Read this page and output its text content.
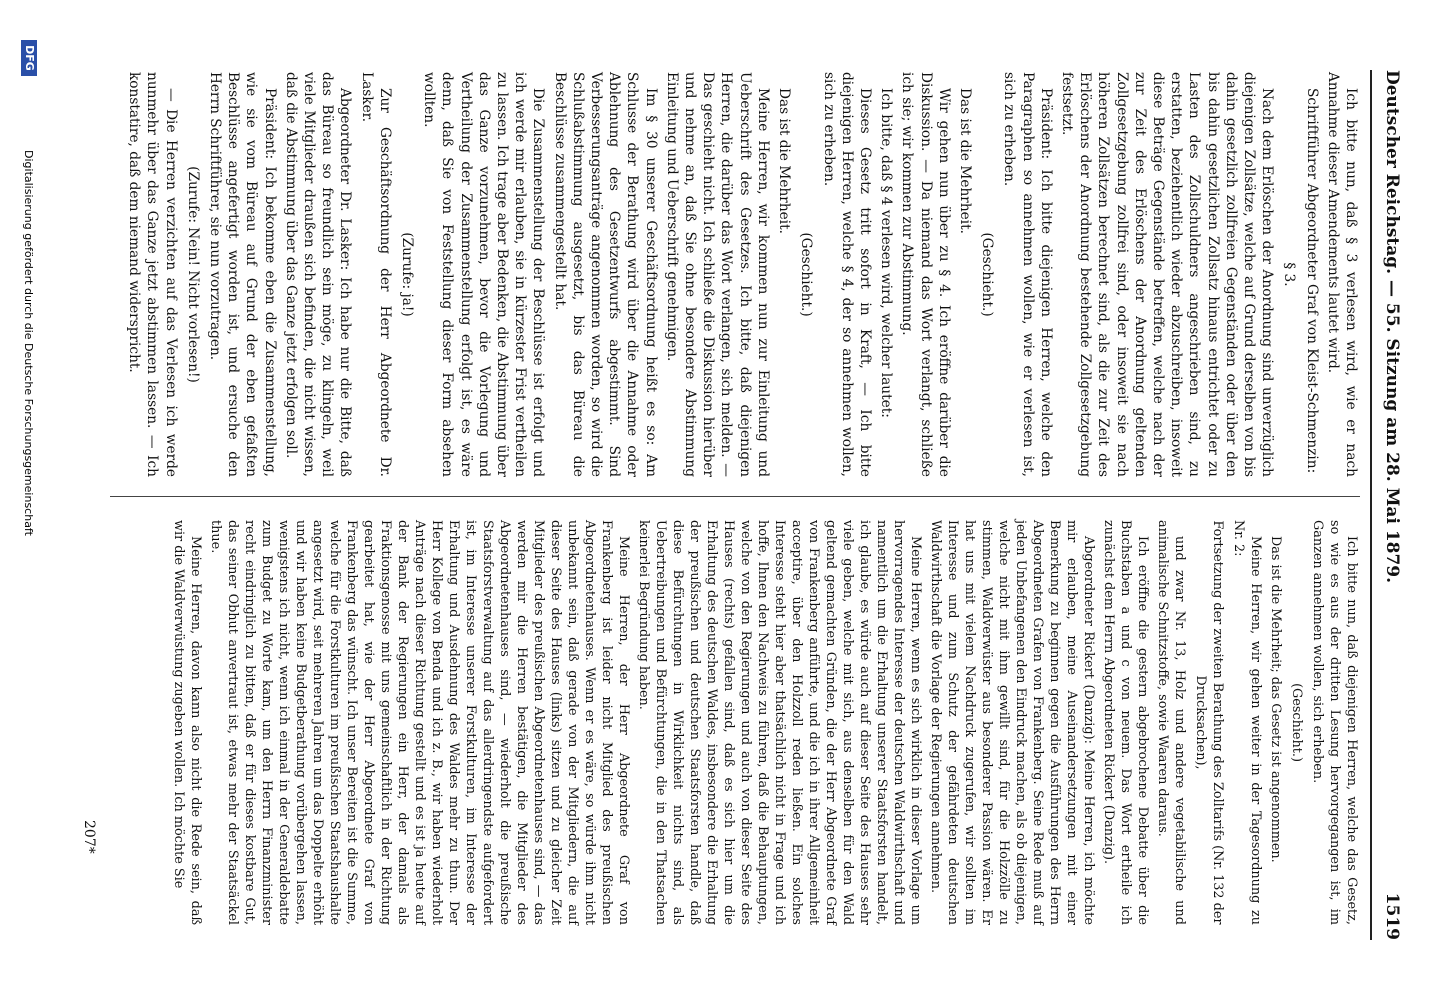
Deutscher Reichstag. — 55. Sitzung am 28. Mai 1879.
1519

Ich bitte nun, daß § 3 verlesen wird, wie er nach Annahme dieser Amendements lautet wird.

Schriftführer Abgeordneter Graf von Kleist-Schmenzin:

§ 3.

Nach dem Erlöschen der Anordnung sind unverzüglich diejenigen Zollsätze, welche auf Grund derselben von bis dahin gesetzlich zollfreien Gegenständen oder über den bis dahin gesetzlichen Zollsatz hinaus entrichtet oder zu Lasten des Zollschuldners angeschrieben sind, zu erstatten, beziehentlich wieder abzuschreiben, insoweit diese Beträge Gegenstände betreffen, welche nach der zur Zeit des Erlöschens der Anordnung geltenden Zollgesetzgebung zollfrei sind, oder insoweit sie nach höheren Zollsätzen berechnet sind, als die zur Zeit des Erlöschens der Anordnung bestehende Zollgesetzgebung festsetzt.

Präsident: Ich bitte diejenigen Herren, welche den Paragraphen so annehmen wollen, wie er verlesen ist, sich zu erheben.

(Geschieht.)

Das ist die Mehrheit.

Wir gehen nun über zu § 4. Ich eröffne darüber die Diskussion. — Da niemand das Wort verlangt, schließe ich sie; wir kommen zur Abstimmung.

Ich bitte, daß § 4 verlesen wird, welcher lautet:

Dieses Gesetz tritt sofort in Kraft, — Ich bitte diejenigen Herren, welche § 4, der so annehmen wollen, sich zu erheben.

(Geschieht.)

Das ist die Mehrheit.

Meine Herren, wir kommen nun zur Einleitung und Ueberschrift des Gesetzes. Ich bitte, daß diejenigen Herren, die darüber das Wort verlangen, sich melden. — Das geschieht nicht. Ich schließe die Diskussion hierüber und nehme an, daß Sie ohne besondere Abstimmung Einleitung und Ueberschrift genehmigen.

Im § 30 unserer Geschäftsordnung heißt es so: Am Schlusse der Berathung wird über die Annahme oder Ablehnung des Gesetzentwurfs abgestimmt. Sind Verbesserungsanträge angenommen worden, so wird die Schlußabstimmung ausgesetzt, bis das Büreau die Beschlüsse zusammengestellt hat.

Die Zusammenstellung der Beschlüsse ist erfolgt und ich werde mir erlauben, sie in kürzester Frist vertheilen zu lassen. Ich trage aber Bedenken, die Abstimmung über das Ganze vorzunehmen, bevor die Vorlegung und Vertheilung der Zusammenstellung erfolgt ist, es wäre denn, daß Sie von Feststellung dieser Form absehen wollten.

(Zurufe: ja!)

Zur Geschäftsordnung der Herr Abgeordnete Dr. Lasker.

Abgeordneter Dr. Lasker: Ich habe nur die Bitte, daß das Büreau so freundlich sein möge, zu klingeln, weil viele Mitglieder draußen sich befinden, die nicht wissen, daß die Abstimmung über das Ganze jetzt erfolgen soll.

Präsident: Ich bekomme eben die Zusammenstellung, wie sie vom Büreau auf Grund der eben gefaßten Beschlüsse angefertigt worden ist, und ersuche den Herrn Schriftführer, sie nun vorzutragen.

(Zurufe: Nein! Nicht vorlesen!)

— Die Herren verzichten auf das Verlesen ich werde nunmehr über das Ganze jetzt abstimmen lassen. — Ich konstatire, daß dem niemand widerspricht.

Ich bitte nun, daß diejenigen Herren, welche das Gesetz, so wie es aus der dritten Lesung hervorgegangen ist, im Ganzen annehmen wollen, sich erheben.

(Geschieht.)

Das ist die Mehrheit; das Gesetz ist angenommen.

Meine Herren, wir gehen weiter in der Tagesordnung zu Nr. 2:

Fortsetzung der zweiten Berathung des Zolltarifs (Nr. 132 der Drucksachen),

und zwar Nr. 13, Holz und andere vegetabilische und animalische Schnitzstoffe, sowie Waaren daraus.

Ich eröffne die gestern abgebrochene Debatte über die Buchstaben a und c von neuem. Das Wort ertheile ich zunächst dem Herrn Abgeordneten Rickert (Danzig).

Abgeordneter Rickert (Danzig): Meine Herren, ich möchte mir erlauben, meine Auseinandersetzungen mit einer Bemerkung zu beginnen gegen die Ausführungen des Herrn Abgeordneten Grafen von Frankenberg. Seine Rede muß auf jeden Unbefangenen den Eindruck machen, als ob diejenigen, welche nicht mit ihm gewillt sind, für die Holzzölle zu stimmen, Waldverwüster aus besonderer Passion wären. Er hat uns mit vielem Nachdruck zugerufen, wir sollten im Interesse und zum Schutz der gefährdeten deutschen Waldwirthschaft die Vorlage der Regierungen annehmen.

Meine Herren, wenn es sich wirklich in dieser Vorlage um hervorragendes Interesse der deutschen Waldwirthschaft und namentlich um die Erhaltung unserer Staatsforsten handelt, ich glaube, es würde auch auf dieser Seite des Hauses sehr viele geben, welche mit sich, aus denselben für den Wald geltend gemachten Gründen, die der Herr Abgeordnete Graf von Frankenberg anführte, und die ich in ihrer Allgemeinheit acceptire, über den Holzzoll reden ließen. Ein solches Interesse steht hier aber thatsächlich nicht in Frage und ich hoffe, Ihnen den Nachweis zu führen, daß die Behauptungen, welche von den Regierungen und auch von dieser Seite des Hauses (rechts) gefallen sind, daß es sich hier um die Erhaltung des deutschen Waldes, insbesondere die Erhaltung der preußischen und deutschen Staatsforsten handle, daß diese Befürchtungen in Wirklichkeit nichts sind, als Uebertreibungen und Befürchtungen, die in den Thatsachen keinerlei Begründung haben.

Meine Herren, der Herr Abgeordnete Graf von Frankenberg ist leider nicht Mitglied des preußischen Abgeordnetenhauses. Wenn er es wäre, so würde ihm nicht unbekannt sein, daß gerade von der Mitgliedern, die auf dieser Seite des Hauses (links) sitzen und zu gleicher Zeit Mitglieder des preußischen Abgeordnetenhauses sind, — das werden mir die Herren bestätigen, die Mitglieder des Abgeordnetenhauses sind, — wiederholt die preußische Staatsforstverwaltung auf das allerdringendste aufgefordert ist, im Interesse unserer Forstkulturen, im Interesse der Erhaltung und Ausdehnung des Waldes mehr zu thun. Der Herr Kollege von Benda und ich z. B., wir haben wiederholt Anträge nach dieser Richtung gestellt und es ist ja heute auf der Bank der Regierungen ein Herr, der damals als Fraktionsgenosse mit uns gemeinschaftlich in der Richtung gearbeitet hat, wie der Herr Abgeordnete Graf von Frankenberg das wünscht. Ich unser Bereiten ist die Summe, welche für die Forstkulturen im preußischen Staatshaushalte angesetzt wird, seit mehreren Jahren um das Doppelte erhöht und wir haben keine Budgetberathung vorübergehen lassen, wenigstens ich nicht, wenn ich einmal in der Generaldebatte zum Budget zu Worte kam, um den Herrn Finanzminister recht eindringlich zu bitten, daß er für dieses kostbare Gut, das seiner Obhut anvertraut ist, etwas mehr der Staatsäckel thue.

Meine Herren, davon kann also nicht die Rede sein, daß wir die Waldverwüstung zugeben wollen. Ich möchte Sie

207*
DFG
Digitalisierung gefördert durch die Deutsche Forschungsgemeinschaft
